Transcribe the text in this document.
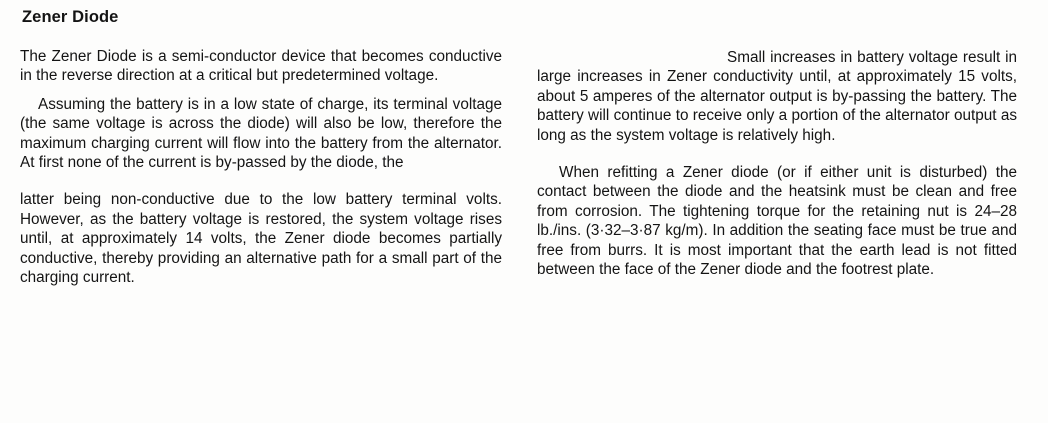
Zener Diode

The Zener Diode is a semi-conductor device that becomes conductive in the reverse direction at a critical but predetermined voltage.

Assuming the battery is in a low state of charge, its terminal voltage (the same voltage is across the diode) will also be low, therefore the maximum charging current will flow into the battery from the alternator. At first none of the current is by-passed by the diode, the

latter being non-conductive due to the low battery terminal volts. However, as the battery voltage is restored, the system voltage rises until, at approximately 14 volts, the Zener diode becomes partially conductive, thereby providing an alternative path for a small part of the charging current.

Small increases in battery voltage result in large increases in Zener conductivity until, at approximately 15 volts, about 5 amperes of the alternator output is by-passing the battery. The battery will continue to receive only a portion of the alternator output as long as the system voltage is relatively high.

When refitting a Zener diode (or if either unit is disturbed) the contact between the diode and the heatsink must be clean and free from corrosion. The tightening torque for the retaining nut is 24–28 lb./ins. (3·32–3·87 kg/m). In addition the seating face must be true and free from burrs. It is most important that the earth lead is not fitted between the face of the Zener diode and the footrest plate.
